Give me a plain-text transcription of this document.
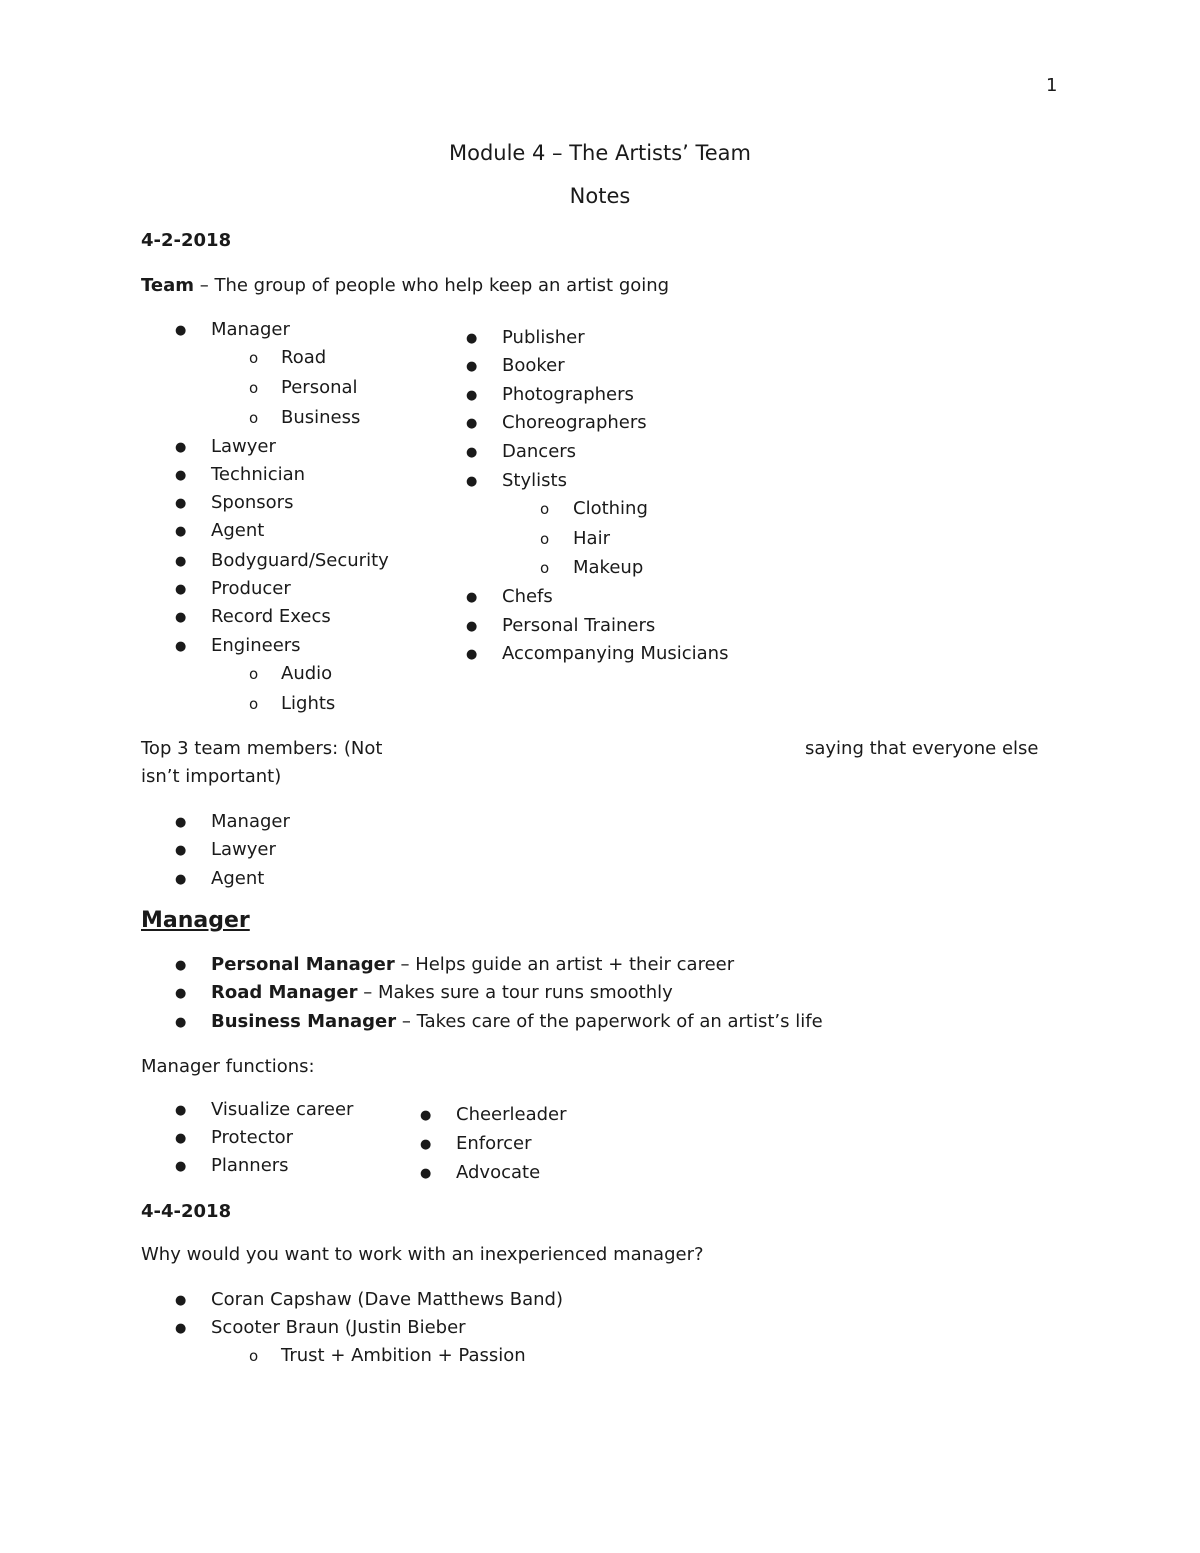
1
Module 4 – The Artists’ Team
Notes
4-2-2018
Team – The group of people who help keep an artist going
● Manager
o Road
o Personal
o Business
● Lawyer
● Technician
● Sponsors
● Agent
● Bodyguard/Security
● Producer
● Record Execs
● Engineers
o Audio
o Lights
● Publisher
● Booker
● Photographers
● Choreographers
● Dancers
● Stylists
o Clothing
o Hair
o Makeup
● Chefs
● Personal Trainers
● Accompanying Musicians
Top 3 team members: (Not	saying that everyone else
isn’t important)
● Manager
● Lawyer
● Agent
Manager
● Personal Manager – Helps guide an artist + their career
● Road Manager – Makes sure a tour runs smoothly
● Business Manager – Takes care of the paperwork of an artist’s life
Manager functions:
● Visualize career
● Protector
● Planners
● Cheerleader
● Enforcer
● Advocate
4-4-2018
Why would you want to work with an inexperienced manager?
● Coran Capshaw (Dave Matthews Band)
● Scooter Braun (Justin Bieber
o Trust + Ambition + Passion
